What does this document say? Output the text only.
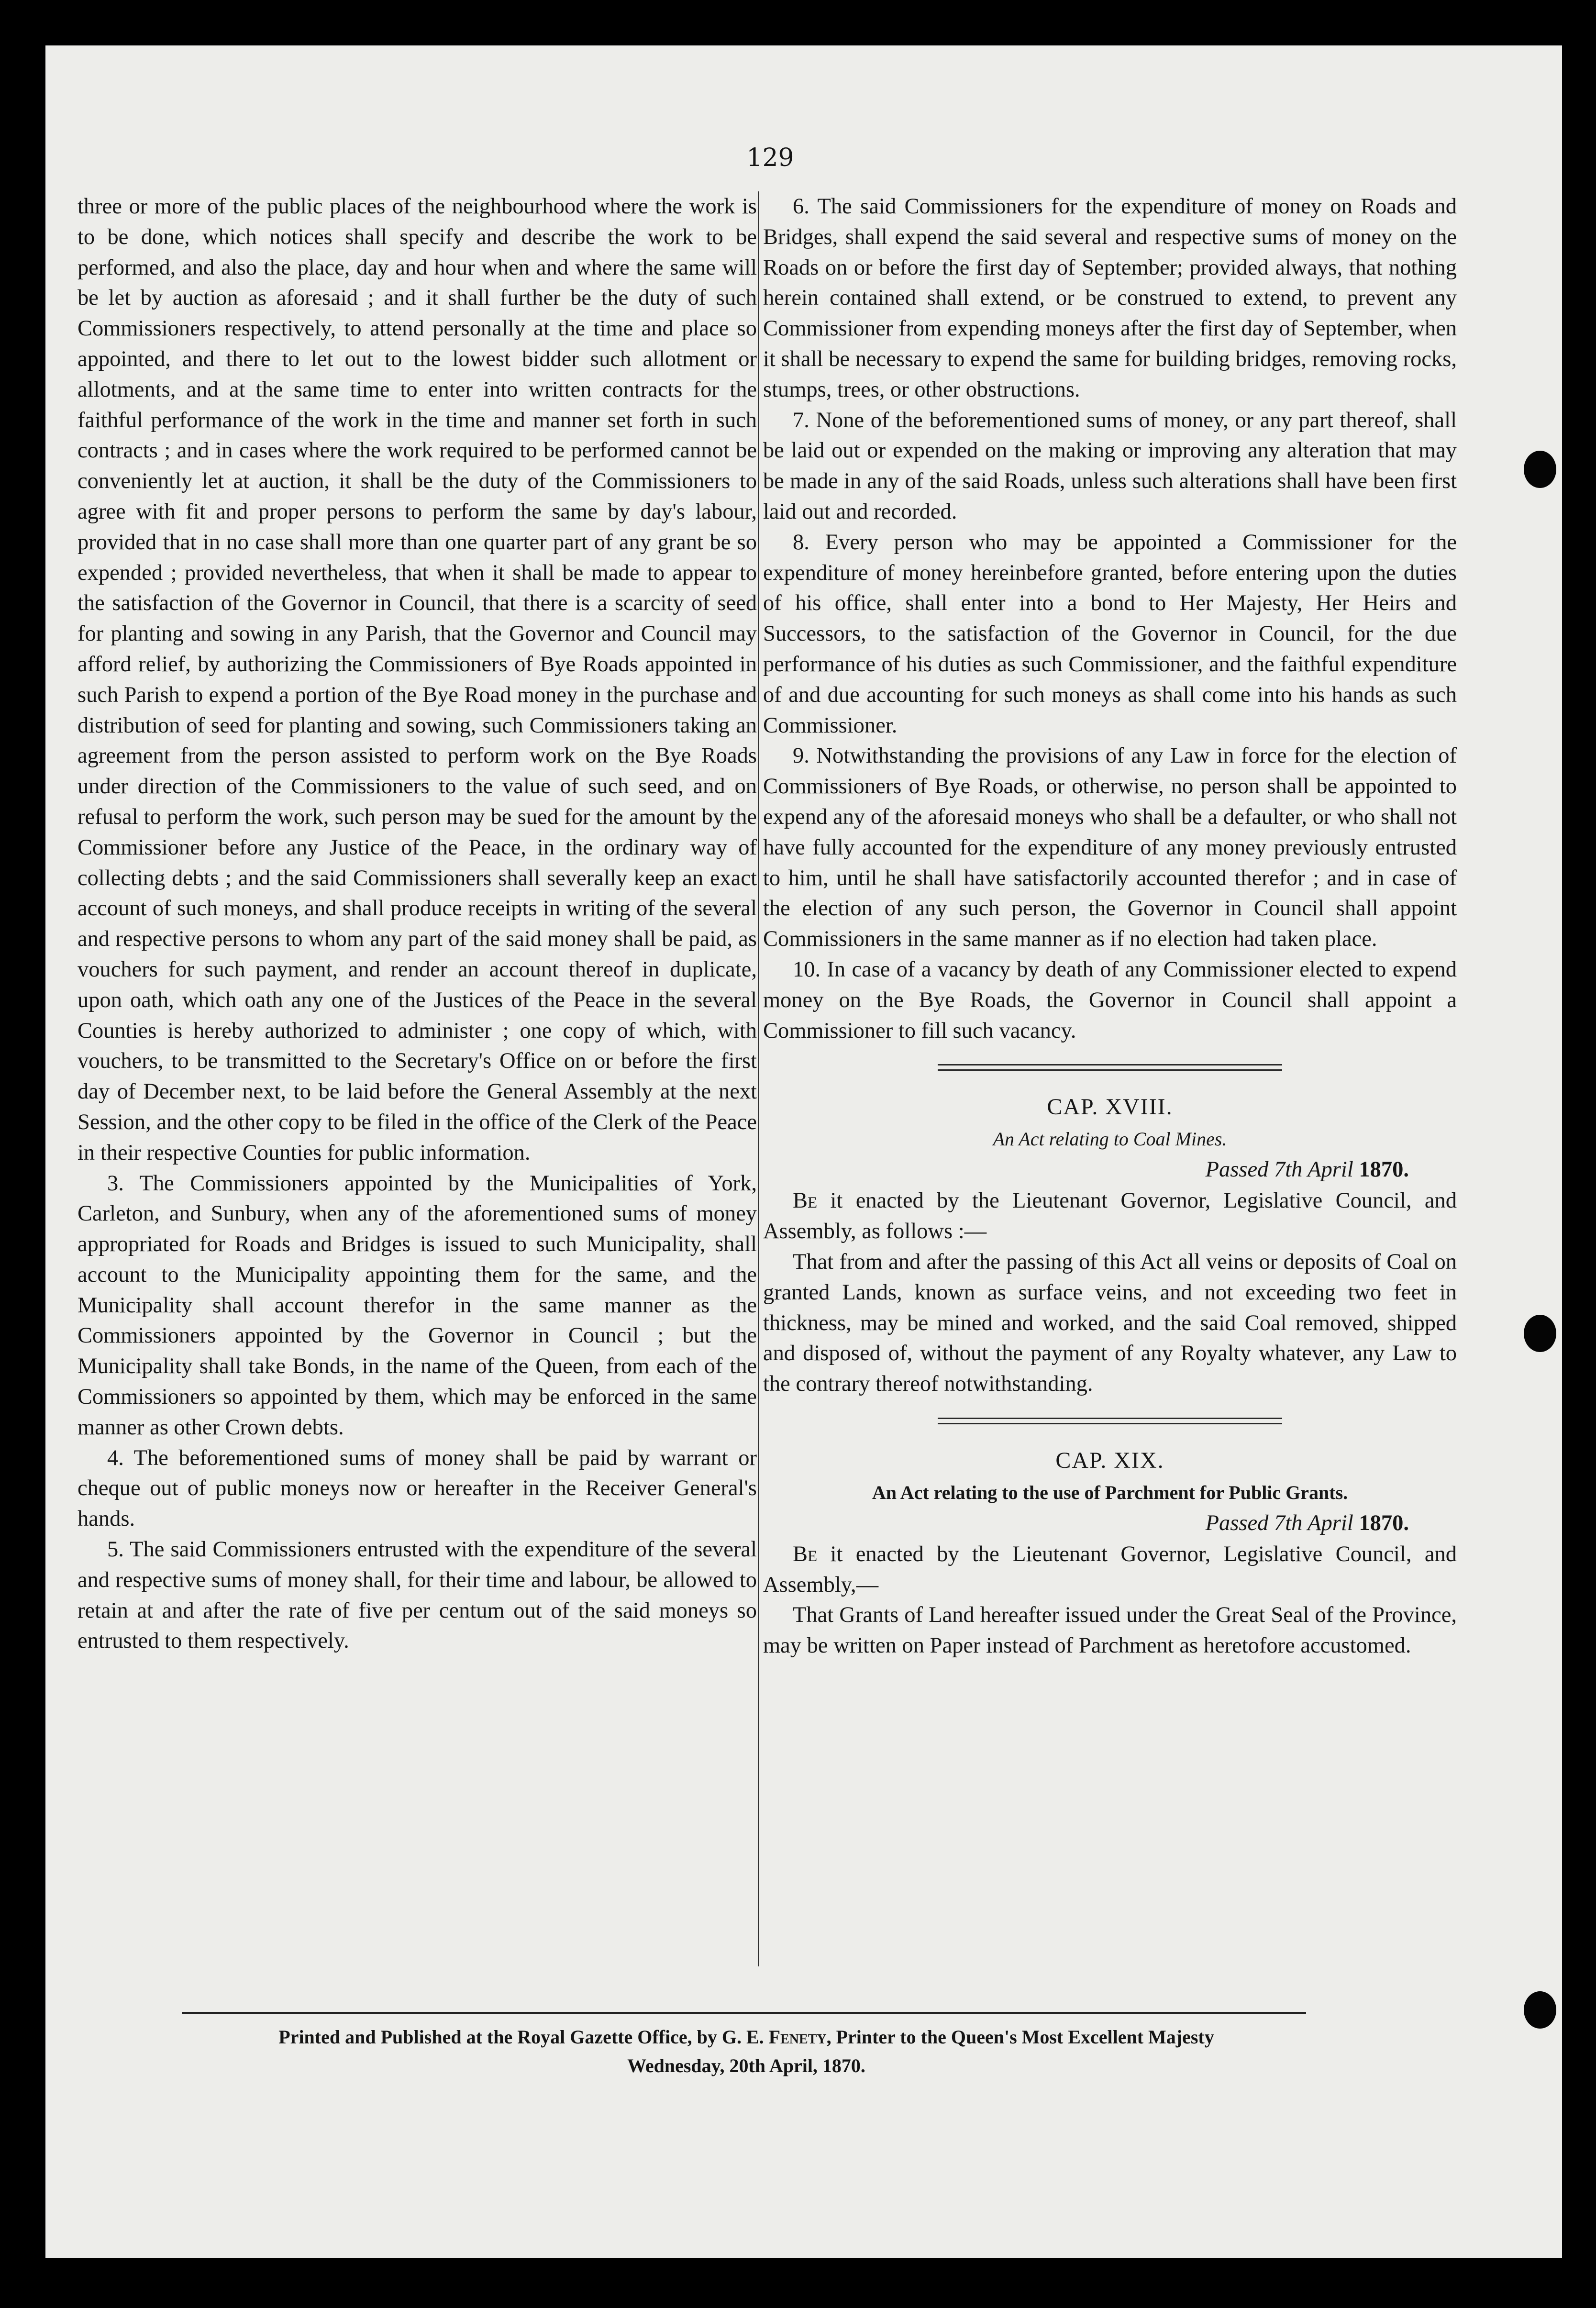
129

three or more of the public places of the neighbourhood where the work is to be done, which notices shall specify and describe the work to be performed, and also the place, day and hour when and where the same will be let by auction as aforesaid ; and it shall further be the duty of such Commissioners respectively, to attend personally at the time and place so appointed, and there to let out to the lowest bidder such allotment or allotments, and at the same time to enter into written contracts for the faithful performance of the work in the time and manner set forth in such contracts ; and in cases where the work required to be performed cannot be conveniently let at auction, it shall be the duty of the Commissioners to agree with fit and proper persons to perform the same by day's labour, provided that in no case shall more than one quarter part of any grant be so expended ; provided nevertheless, that when it shall be made to appear to the satisfaction of the Governor in Council, that there is a scarcity of seed for planting and sowing in any Parish, that the Governor and Council may afford relief, by authorizing the Commissioners of Bye Roads appointed in such Parish to expend a portion of the Bye Road money in the purchase and distribution of seed for planting and sowing, such Commissioners taking an agreement from the person assisted to perform work on the Bye Roads under direction of the Commissioners to the value of such seed, and on refusal to perform the work, such person may be sued for the amount by the Commissioner before any Justice of the Peace, in the ordinary way of collecting debts ; and the said Commissioners shall severally keep an exact account of such moneys, and shall produce receipts in writing of the several and respective persons to whom any part of the said money shall be paid, as vouchers for such payment, and render an account thereof in duplicate, upon oath, which oath any one of the Justices of the Peace in the several Counties is hereby authorized to administer ; one copy of which, with vouchers, to be transmitted to the Secretary's Office on or before the first day of December next, to be laid before the General Assembly at the next Session, and the other copy to be filed in the office of the Clerk of the Peace in their respective Counties for public information.

3. The Commissioners appointed by the Municipalities of York, Carleton, and Sunbury, when any of the aforementioned sums of money appropriated for Roads and Bridges is issued to such Municipality, shall account to the Municipality appointing them for the same, and the Municipality shall account therefor in the same manner as the Commissioners appointed by the Governor in Council ; but the Municipality shall take Bonds, in the name of the Queen, from each of the Commissioners so appointed by them, which may be enforced in the same manner as other Crown debts.

4. The beforementioned sums of money shall be paid by warrant or cheque out of public moneys now or hereafter in the Receiver General's hands.

5. The said Commissioners entrusted with the expenditure of the several and respective sums of money shall, for their time and labour, be allowed to retain at and after the rate of five per centum out of the said moneys so entrusted to them respectively.

6. The said Commissioners for the expenditure of money on Roads and Bridges, shall expend the said several and respective sums of money on the Roads on or before the first day of September; provided always, that nothing herein contained shall extend, or be construed to extend, to prevent any Commissioner from expending moneys after the first day of September, when it shall be necessary to expend the same for building bridges, removing rocks, stumps, trees, or other obstructions.

7. None of the beforementioned sums of money, or any part thereof, shall be laid out or expended on the making or improving any alteration that may be made in any of the said Roads, unless such alterations shall have been first laid out and recorded.

8. Every person who may be appointed a Commissioner for the expenditure of money hereinbefore granted, before entering upon the duties of his office, shall enter into a bond to Her Majesty, Her Heirs and Successors, to the satisfaction of the Governor in Council, for the due performance of his duties as such Commissioner, and the faithful expenditure of and due accounting for such moneys as shall come into his hands as such Commissioner.

9. Notwithstanding the provisions of any Law in force for the election of Commissioners of Bye Roads, or otherwise, no person shall be appointed to expend any of the aforesaid moneys who shall be a defaulter, or who shall not have fully accounted for the expenditure of any money previously entrusted to him, until he shall have satisfactorily accounted therefor ; and in case of the election of any such person, the Governor in Council shall appoint Commissioners in the same manner as if no election had taken place.

10. In case of a vacancy by death of any Commissioner elected to expend money on the Bye Roads, the Governor in Council shall appoint a Commissioner to fill such vacancy.

CAP. XVIII.
An Act relating to Coal Mines.
Passed 7th April 1870.

Be it enacted by the Lieutenant Governor, Legislative Council, and Assembly, as follows :—

That from and after the passing of this Act all veins or deposits of Coal on granted Lands, known as surface veins, and not exceeding two feet in thickness, may be mined and worked, and the said Coal removed, shipped and disposed of, without the payment of any Royalty whatever, any Law to the contrary thereof notwithstanding.

CAP. XIX.
An Act relating to the use of Parchment for Public Grants.
Passed 7th April 1870.

Be it enacted by the Lieutenant Governor, Legislative Council, and Assembly,—

That Grants of Land hereafter issued under the Great Seal of the Province, may be written on Paper instead of Parchment as heretofore accustomed.

Printed and Published at the Royal Gazette Office, by G. E. Fenety, Printer to the Queen's Most Excellent Majesty
Wednesday, 20th April, 1870.
